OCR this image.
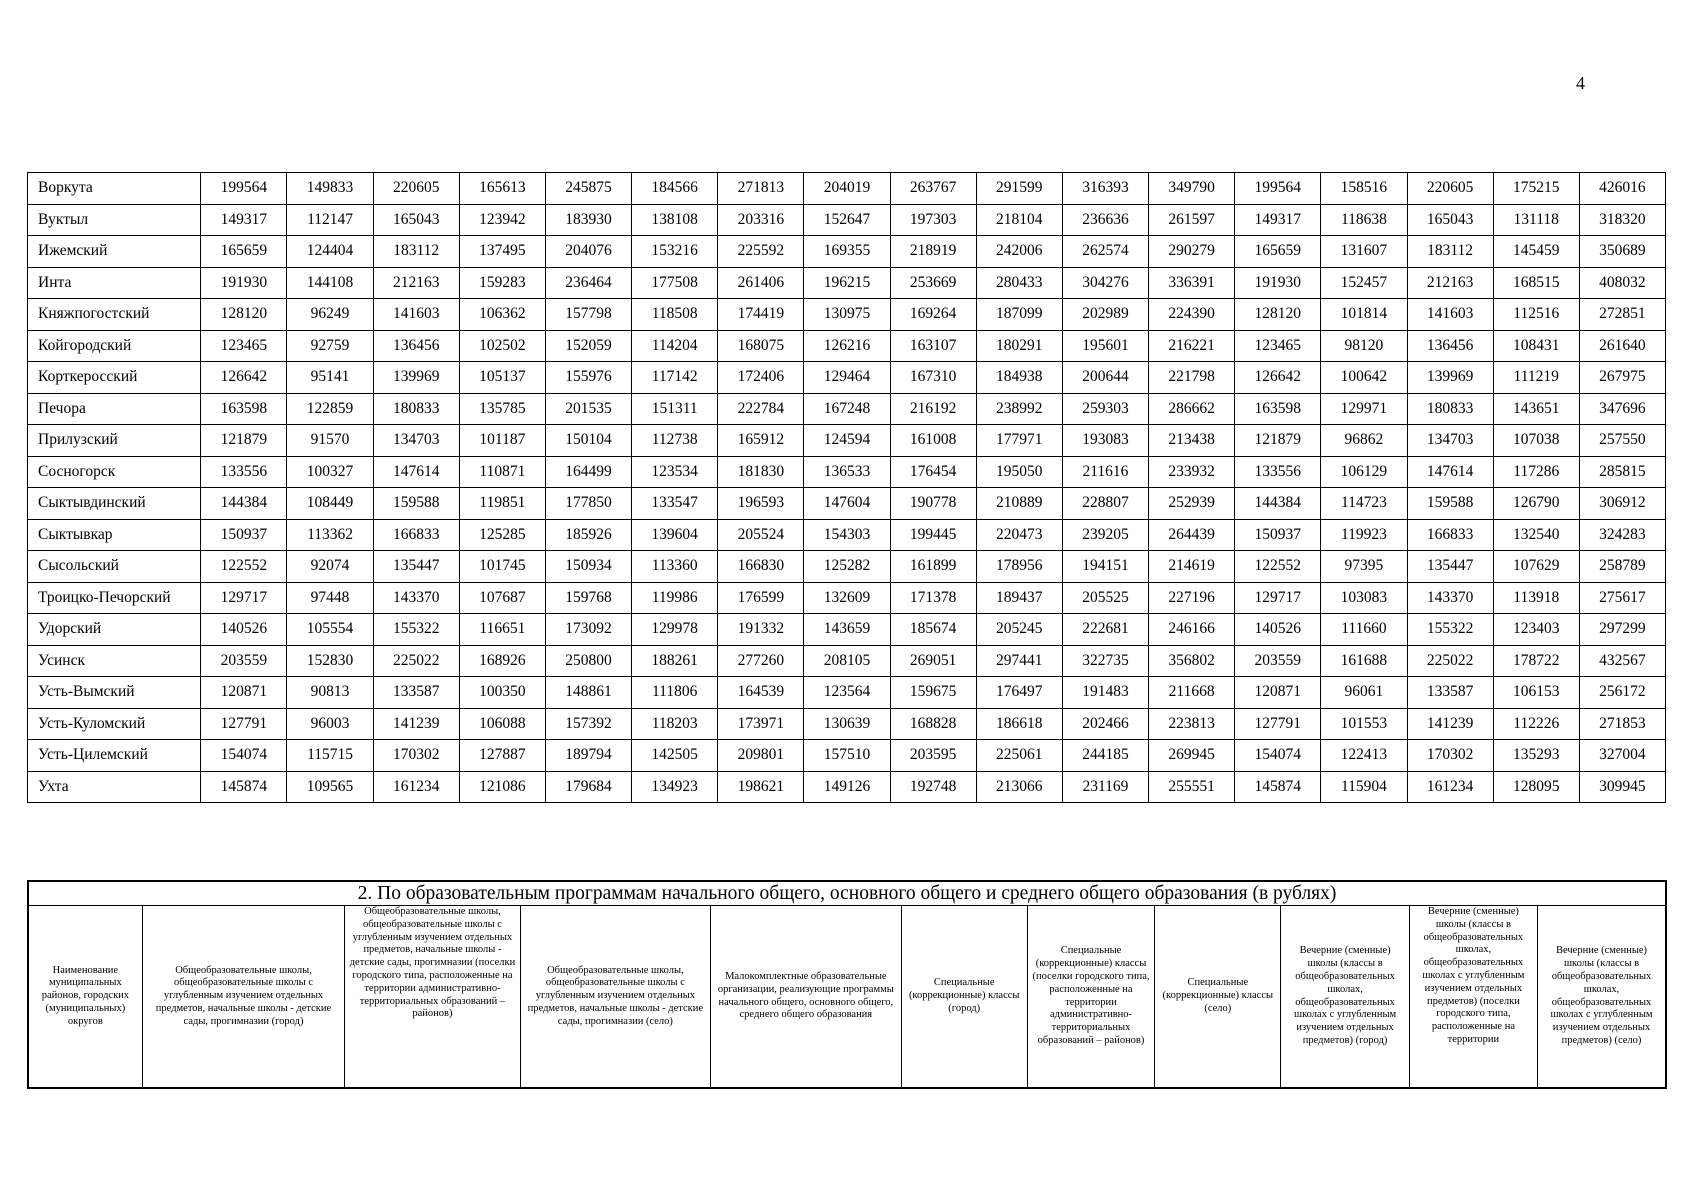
4
Воркута	199564	149833	220605	165613	245875	184566	271813	204019	263767	291599	316393	349790	199564	158516	220605	175215	426016
Вуктыл	149317	112147	165043	123942	183930	138108	203316	152647	197303	218104	236636	261597	149317	118638	165043	131118	318320
Ижемский	165659	124404	183112	137495	204076	153216	225592	169355	218919	242006	262574	290279	165659	131607	183112	145459	350689
Инта	191930	144108	212163	159283	236464	177508	261406	196215	253669	280433	304276	336391	191930	152457	212163	168515	408032
Княжпогостский	128120	96249	141603	106362	157798	118508	174419	130975	169264	187099	202989	224390	128120	101814	141603	112516	272851
Койгородский	123465	92759	136456	102502	152059	114204	168075	126216	163107	180291	195601	216221	123465	98120	136456	108431	261640
Корткеросский	126642	95141	139969	105137	155976	117142	172406	129464	167310	184938	200644	221798	126642	100642	139969	111219	267975
Печора	163598	122859	180833	135785	201535	151311	222784	167248	216192	238992	259303	286662	163598	129971	180833	143651	347696
Прилузский	121879	91570	134703	101187	150104	112738	165912	124594	161008	177971	193083	213438	121879	96862	134703	107038	257550
Сосногорск	133556	100327	147614	110871	164499	123534	181830	136533	176454	195050	211616	233932	133556	106129	147614	117286	285815
Сыктывдинский	144384	108449	159588	119851	177850	133547	196593	147604	190778	210889	228807	252939	144384	114723	159588	126790	306912
Сыктывкар	150937	113362	166833	125285	185926	139604	205524	154303	199445	220473	239205	264439	150937	119923	166833	132540	324283
Сысольский	122552	92074	135447	101745	150934	113360	166830	125282	161899	178956	194151	214619	122552	97395	135447	107629	258789
Троицко-Печорский	129717	97448	143370	107687	159768	119986	176599	132609	171378	189437	205525	227196	129717	103083	143370	113918	275617
Удорский	140526	105554	155322	116651	173092	129978	191332	143659	185674	205245	222681	246166	140526	111660	155322	123403	297299
Усинск	203559	152830	225022	168926	250800	188261	277260	208105	269051	297441	322735	356802	203559	161688	225022	178722	432567
Усть-Вымский	120871	90813	133587	100350	148861	111806	164539	123564	159675	176497	191483	211668	120871	96061	133587	106153	256172
Усть-Куломский	127791	96003	141239	106088	157392	118203	173971	130639	168828	186618	202466	223813	127791	101553	141239	112226	271853
Усть-Цилемский	154074	115715	170302	127887	189794	142505	209801	157510	203595	225061	244185	269945	154074	122413	170302	135293	327004
Ухта	145874	109565	161234	121086	179684	134923	198621	149126	192748	213066	231169	255551	145874	115904	161234	128095	309945
2. По образовательным программам начального общего, основного общего и среднего общего образования (в рублях)
Наименование муниципальных районов, городских (муниципальных) округов	Общеобразовательные школы, общеобразовательные школы с углубленным изучением отдельных предметов, начальные школы - детские сады, прогимназии (город)	Общеобразовательные школы, общеобразовательные школы с углубленным изучением отдельных предметов, начальные школы - детские сады, прогимназии (поселки городского типа, расположенные на территории административно-территориальных образований – районов)	Общеобразовательные школы, общеобразовательные школы с углубленным изучением отдельных предметов, начальные школы - детские сады, прогимназии (село)	Малокомплектные образовательные организации, реализующие программы начального общего, основного общего, среднего общего образования	Специальные (коррекционные) классы (город)	Специальные (коррекционные) классы (поселки городского типа, расположенные на территории административно-территориальных образований – районов)	Специальные (коррекционные) классы (село)	Вечерние (сменные) школы (классы в общеобразовательных школах, общеобразовательных школах с углубленным изучением отдельных предметов) (город)	Вечерние (сменные) школы (классы в общеобразовательных школах, общеобразовательных школах с углубленным изучением отдельных предметов) (поселки городского типа, расположенные на территории	Вечерние (сменные) школы (классы в общеобразовательных школах, общеобразовательных школах с углубленным изучением отдельных предметов) (село)
